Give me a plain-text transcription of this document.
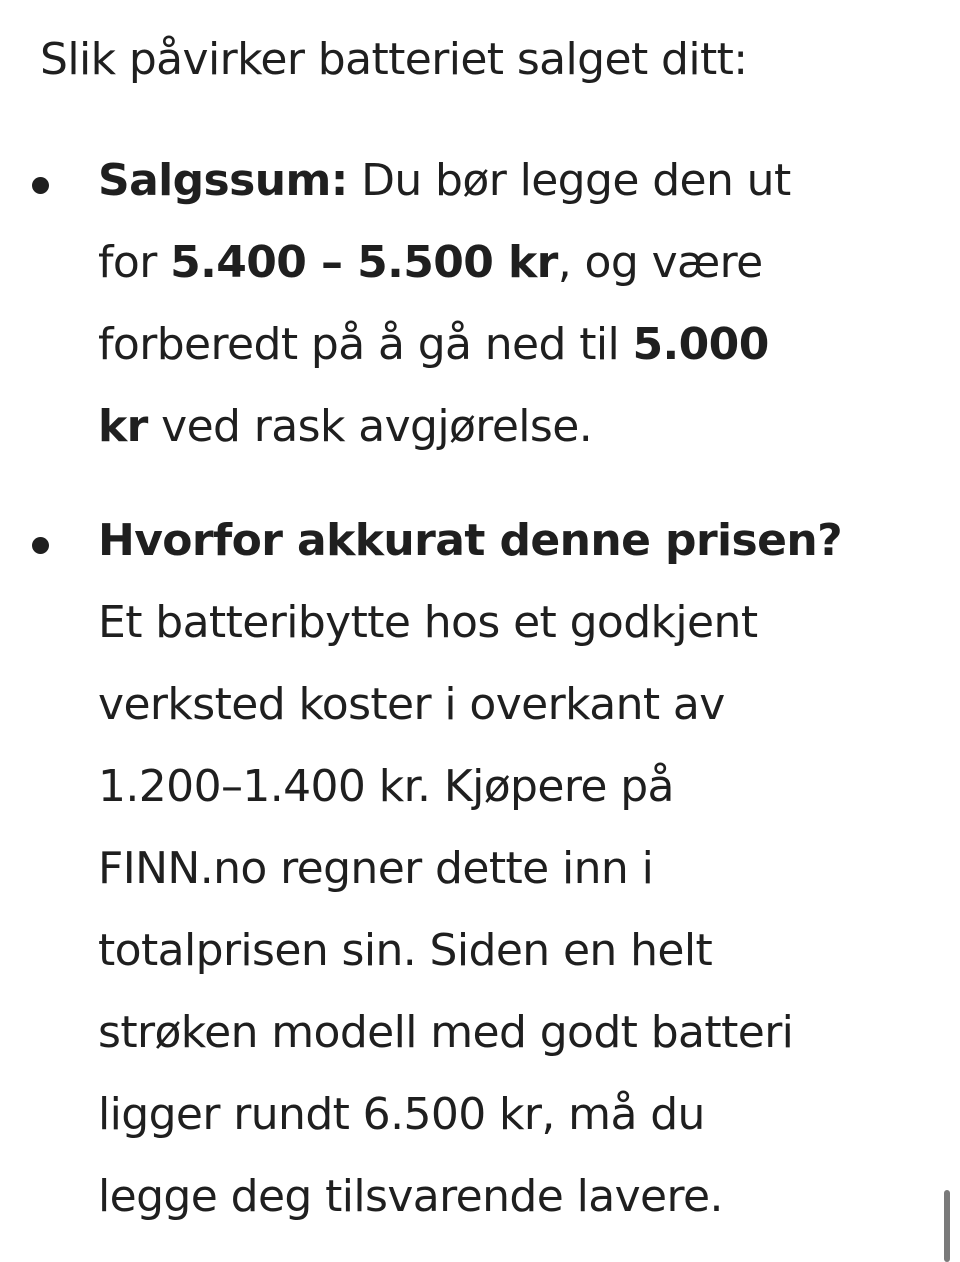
Slik påvirker batteriet salget ditt:
Salgssum: Du bør legge den ut
for 5.400 – 5.500 kr, og være
forberedt på å gå ned til 5.000
kr ved rask avgjørelse.
Hvorfor akkurat denne prisen?
Et batteribytte hos et godkjent
verksted koster i overkant av
1.200–1.400 kr. Kjøpere på
FINN.no regner dette inn i
totalprisen sin. Siden en helt
strøken modell med godt batteri
ligger rundt 6.500 kr, må du
legge deg tilsvarende lavere.
